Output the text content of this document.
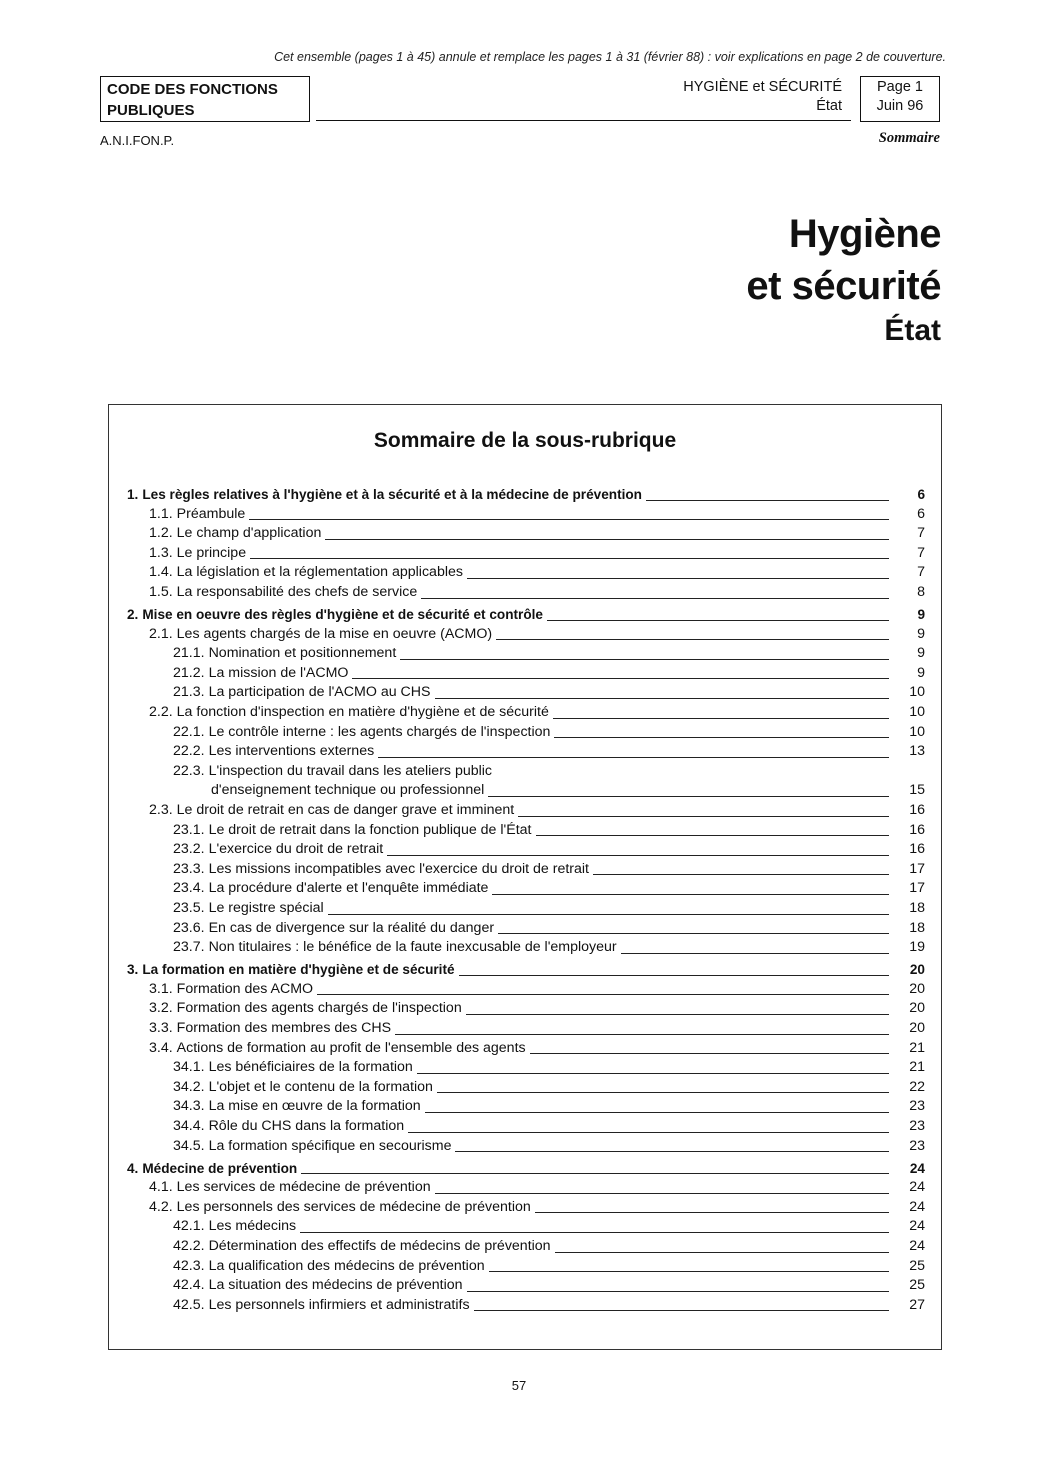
Cet ensemble (pages 1 à 45) annule et remplace les pages 1 à 31 (février 88) : voir explications en page 2 de couverture.
CODE DES FONCTIONS
PUBLIQUES
HYGIÈNE et SÉCURITÉ
État
Page 1
Juin 96
A.N.I.FON.P.	Sommaire
Hygiène
et sécurité
État
Sommaire de la sous-rubrique
1. Les règles relatives à l'hygiène et à la sécurité et à la médecine de prévention	6
1.1. Préambule	6
1.2. Le champ d'application	7
1.3. Le principe	7
1.4. La législation et la réglementation applicables	7
1.5. La responsabilité des chefs de service	8
2. Mise en oeuvre des règles d'hygiène et de sécurité et contrôle	9
2.1. Les agents chargés de la mise en oeuvre (ACMO)	9
21.1. Nomination et positionnement	9
21.2. La mission de l'ACMO	9
21.3. La participation de l'ACMO au CHS	10
2.2. La fonction d'inspection en matière d'hygiène et de sécurité	10
22.1. Le contrôle interne : les agents chargés de l'inspection	10
22.2. Les interventions externes	13
22.3. L'inspection du travail dans les ateliers public
d'enseignement technique ou professionnel	15
2.3. Le droit de retrait en cas de danger grave et imminent	16
23.1. Le droit de retrait dans la fonction publique de l'État	16
23.2. L'exercice du droit de retrait	16
23.3. Les missions incompatibles avec l'exercice du droit de retrait	17
23.4. La procédure d'alerte et l'enquête immédiate	17
23.5. Le registre spécial	18
23.6. En cas de divergence sur la réalité du danger	18
23.7. Non titulaires : le bénéfice de la faute inexcusable de l'employeur	19
3. La formation en matière d'hygiène et de sécurité	20
3.1. Formation des ACMO	20
3.2. Formation des agents chargés de l'inspection	20
3.3. Formation des membres des CHS	20
3.4. Actions de formation au profit de l'ensemble des agents	21
34.1. Les bénéficiaires de la formation	21
34.2. L'objet et le contenu de la formation	22
34.3. La mise en œuvre de la formation	23
34.4. Rôle du CHS dans la formation	23
34.5. La formation spécifique en secourisme	23
4. Médecine de prévention	24
4.1. Les services de médecine de prévention	24
4.2. Les personnels des services de médecine de prévention	24
42.1. Les médecins	24
42.2. Détermination des effectifs de médecins de prévention	24
42.3. La qualification des médecins de prévention	25
42.4. La situation des médecins de prévention	25
42.5. Les personnels infirmiers et administratifs	27
57
